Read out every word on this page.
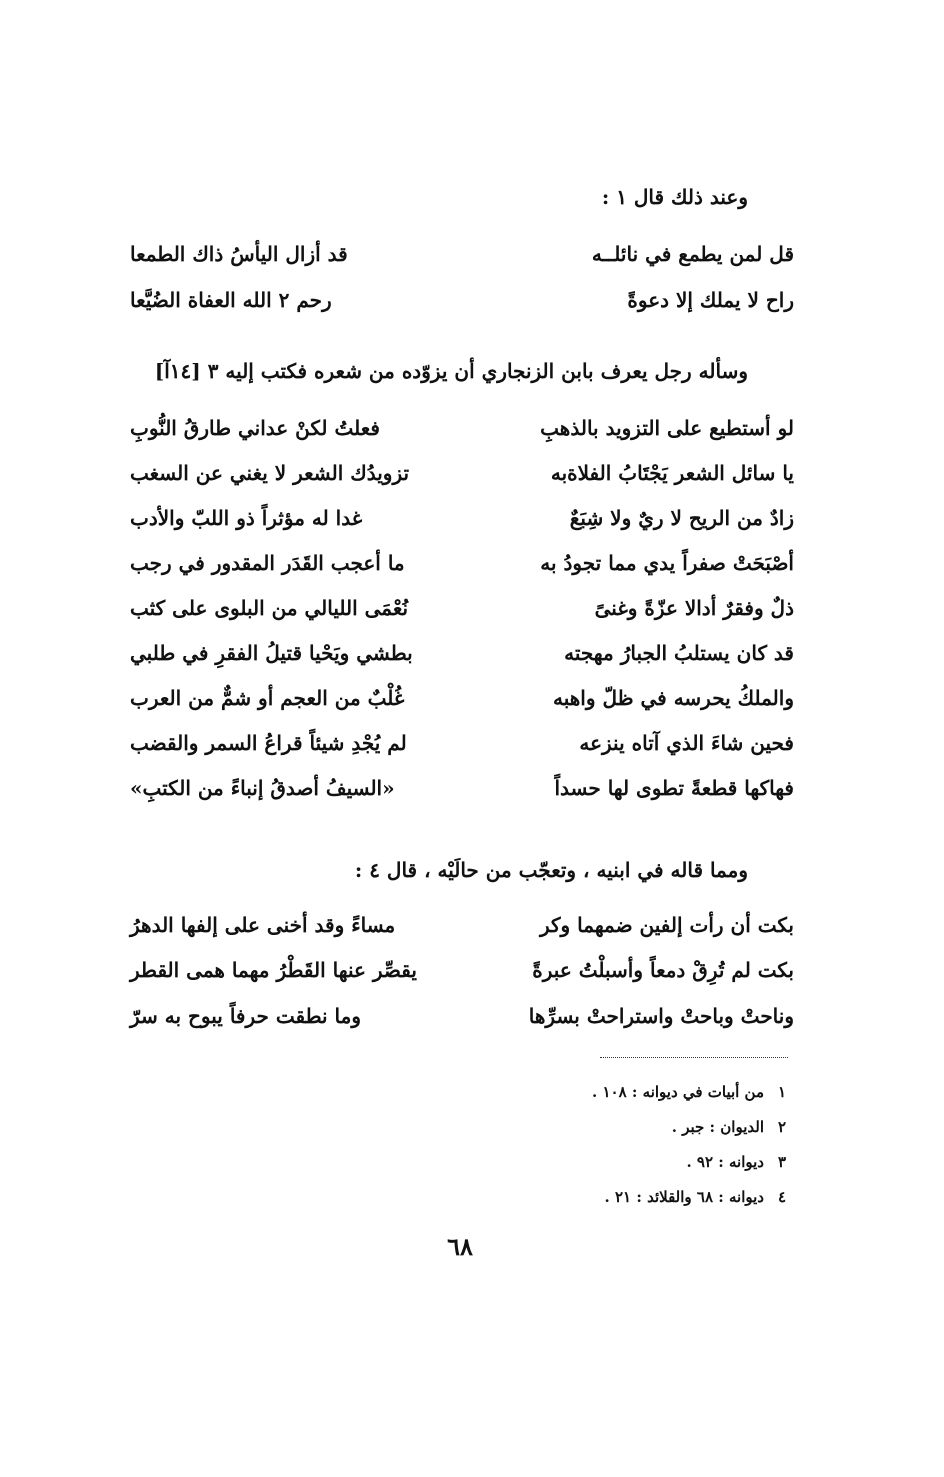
وعند ذلك قال ١ :

قل لمن يطمع في نائلــه

قد أزال اليأسُ ذاك الطمعا

راح لا يملك إلا دعوةً

رحم ٢ الله العفاة الضُيَّعا

وسأله رجل يعرف بابن الزنجاري أن يزوّده من شعره فكتب إليه ٣ [١٤آ]

لو أستطيع على التزويد بالذهبِ

فعلتُ لكنْ عداني طارقُ النُّوبِ

يا سائل الشعر يَجْتَابُ الفلاةبه

تزويدُك الشعر لا يغني عن السغب

زادٌ من الريح لا ريٌ ولا شِبَعٌ

غدا له مؤثراً ذو اللبّ والأدب

أصْبَحَتْ صفراً يدي مما تجودُ به

ما أعجب القَدَر المقدور في رجب

ذلٌ وفقرٌ أدالا عزّةً وغنىً

نُعْمَى الليالي من البلوى على كثب

قد كان يستلبُ الجبارُ مهجته

بطشي ويَحْيا قتيلُ الفقرِ في طلبي

والملكُ يحرسه في ظلّ واهبه

غُلْبٌ من العجم أو شمٌّ من العرب

فحين شاءَ الذي آتاه ينزعه

لم يُجْدِ شيئاً قراعُ السمر والقضب

فهاكها قطعةً تطوى لها حسداً

«السيفُ أصدقُ إنباءً من الكتبِ»

ومما قاله في ابنيه ، وتعجّب من حالَيْه ، قال ٤ :

بكت أن رأت إلفين ضمهما وكر

مساءً وقد أخنى على إلفها الدهرُ

بكت لم تُرِقْ دمعاً وأسبلْتُ عبرةً

يقصِّر عنها القَطْرُ مهما همى القطر

وناحتْ وباحتْ واستراحتْ بسرِّها

وما نطقت حرفاً يبوح به سرّ

١من أبيات في ديوانه : ١٠٨ .

٢الديوان : جبر .

٣ديوانه : ٩٢ .

٤ديوانه : ٦٨ والقلائد : ٢١ .

٦٨
